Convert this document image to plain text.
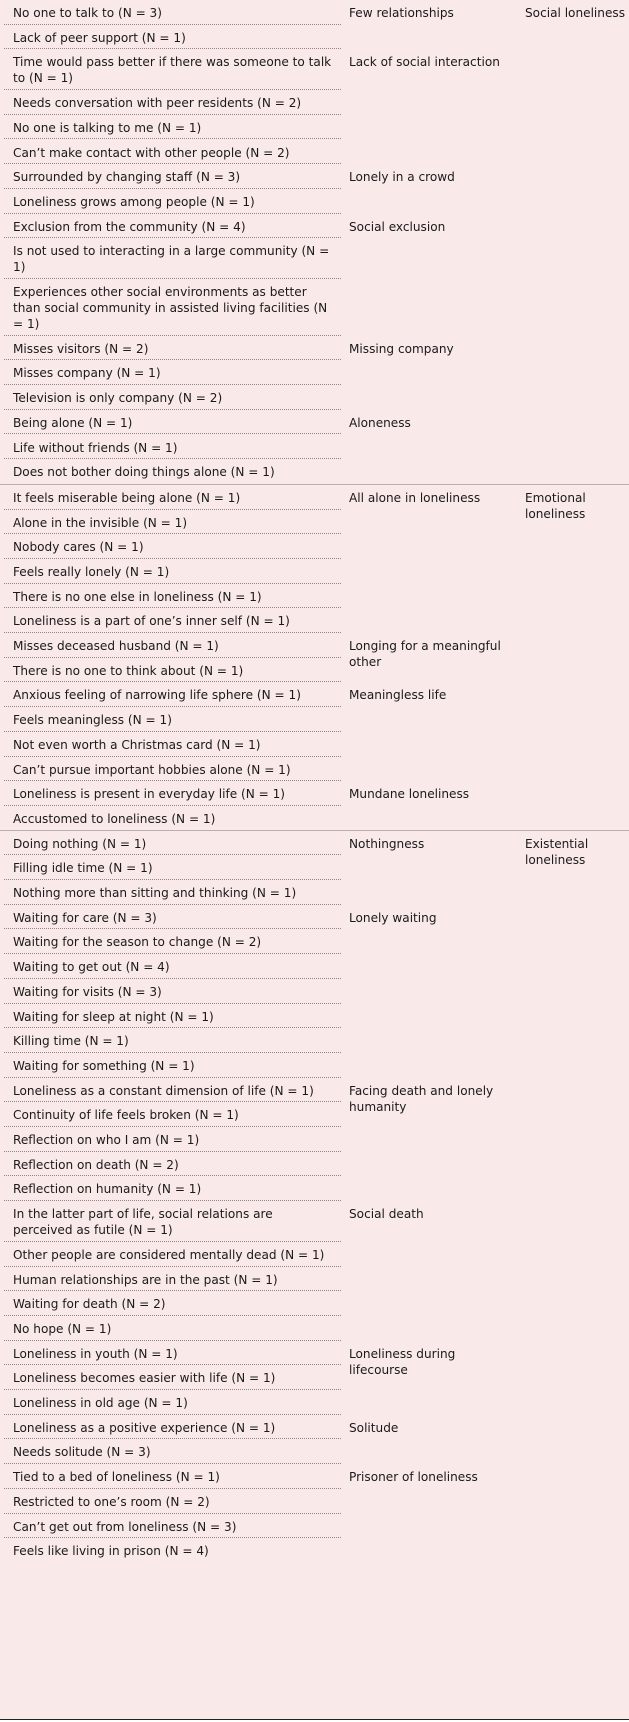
Social loneliness
Few relationships
No one to talk to (N = 3)
Lack of peer support (N = 1)
Lack of social interaction
Time would pass better if there was someone to talk to (N = 1)
Needs conversation with peer residents (N = 2)
No one is talking to me (N = 1)
Can’t make contact with other people (N = 2)
Lonely in a crowd
Surrounded by changing staff (N = 3)
Loneliness grows among people (N = 1)
Social exclusion
Exclusion from the community (N = 4)
Is not used to interacting in a large community (N = 1)
Experiences other social environments as better than social community in assisted living facilities (N = 1)
Missing company
Misses visitors (N = 2)
Misses company (N = 1)
Television is only company (N = 2)
Aloneness
Being alone (N = 1)
Life without friends (N = 1)
Does not bother doing things alone (N = 1)
Emotional loneliness
All alone in loneliness
It feels miserable being alone (N = 1)
Alone in the invisible (N = 1)
Nobody cares (N = 1)
Feels really lonely (N = 1)
There is no one else in loneliness (N = 1)
Loneliness is a part of one’s inner self (N = 1)
Longing for a meaningful other
Misses deceased husband (N = 1)
There is no one to think about (N = 1)
Meaningless life
Anxious feeling of narrowing life sphere (N = 1)
Feels meaningless (N = 1)
Not even worth a Christmas card (N = 1)
Can’t pursue important hobbies alone (N = 1)
Mundane loneliness
Loneliness is present in everyday life (N = 1)
Accustomed to loneliness (N = 1)
Existential loneliness
Nothingness
Doing nothing (N = 1)
Filling idle time (N = 1)
Nothing more than sitting and thinking (N = 1)
Lonely waiting
Waiting for care (N = 3)
Waiting for the season to change (N = 2)
Waiting to get out (N = 4)
Waiting for visits (N = 3)
Waiting for sleep at night (N = 1)
Killing time (N = 1)
Waiting for something (N = 1)
Facing death and lonely humanity
Loneliness as a constant dimension of life (N = 1)
Continuity of life feels broken (N = 1)
Reflection on who I am (N = 1)
Reflection on death (N = 2)
Reflection on humanity (N = 1)
Social death
In the latter part of life, social relations are perceived as futile (N = 1)
Other people are considered mentally dead (N = 1)
Human relationships are in the past (N = 1)
Waiting for death (N = 2)
No hope (N = 1)
Loneliness during lifecourse
Loneliness in youth (N = 1)
Loneliness becomes easier with life (N = 1)
Loneliness in old age (N = 1)
Solitude
Loneliness as a positive experience (N = 1)
Needs solitude (N = 3)
Prisoner of loneliness
Tied to a bed of loneliness (N = 1)
Restricted to one’s room (N = 2)
Can’t get out from loneliness (N = 3)
Feels like living in prison (N = 4)
